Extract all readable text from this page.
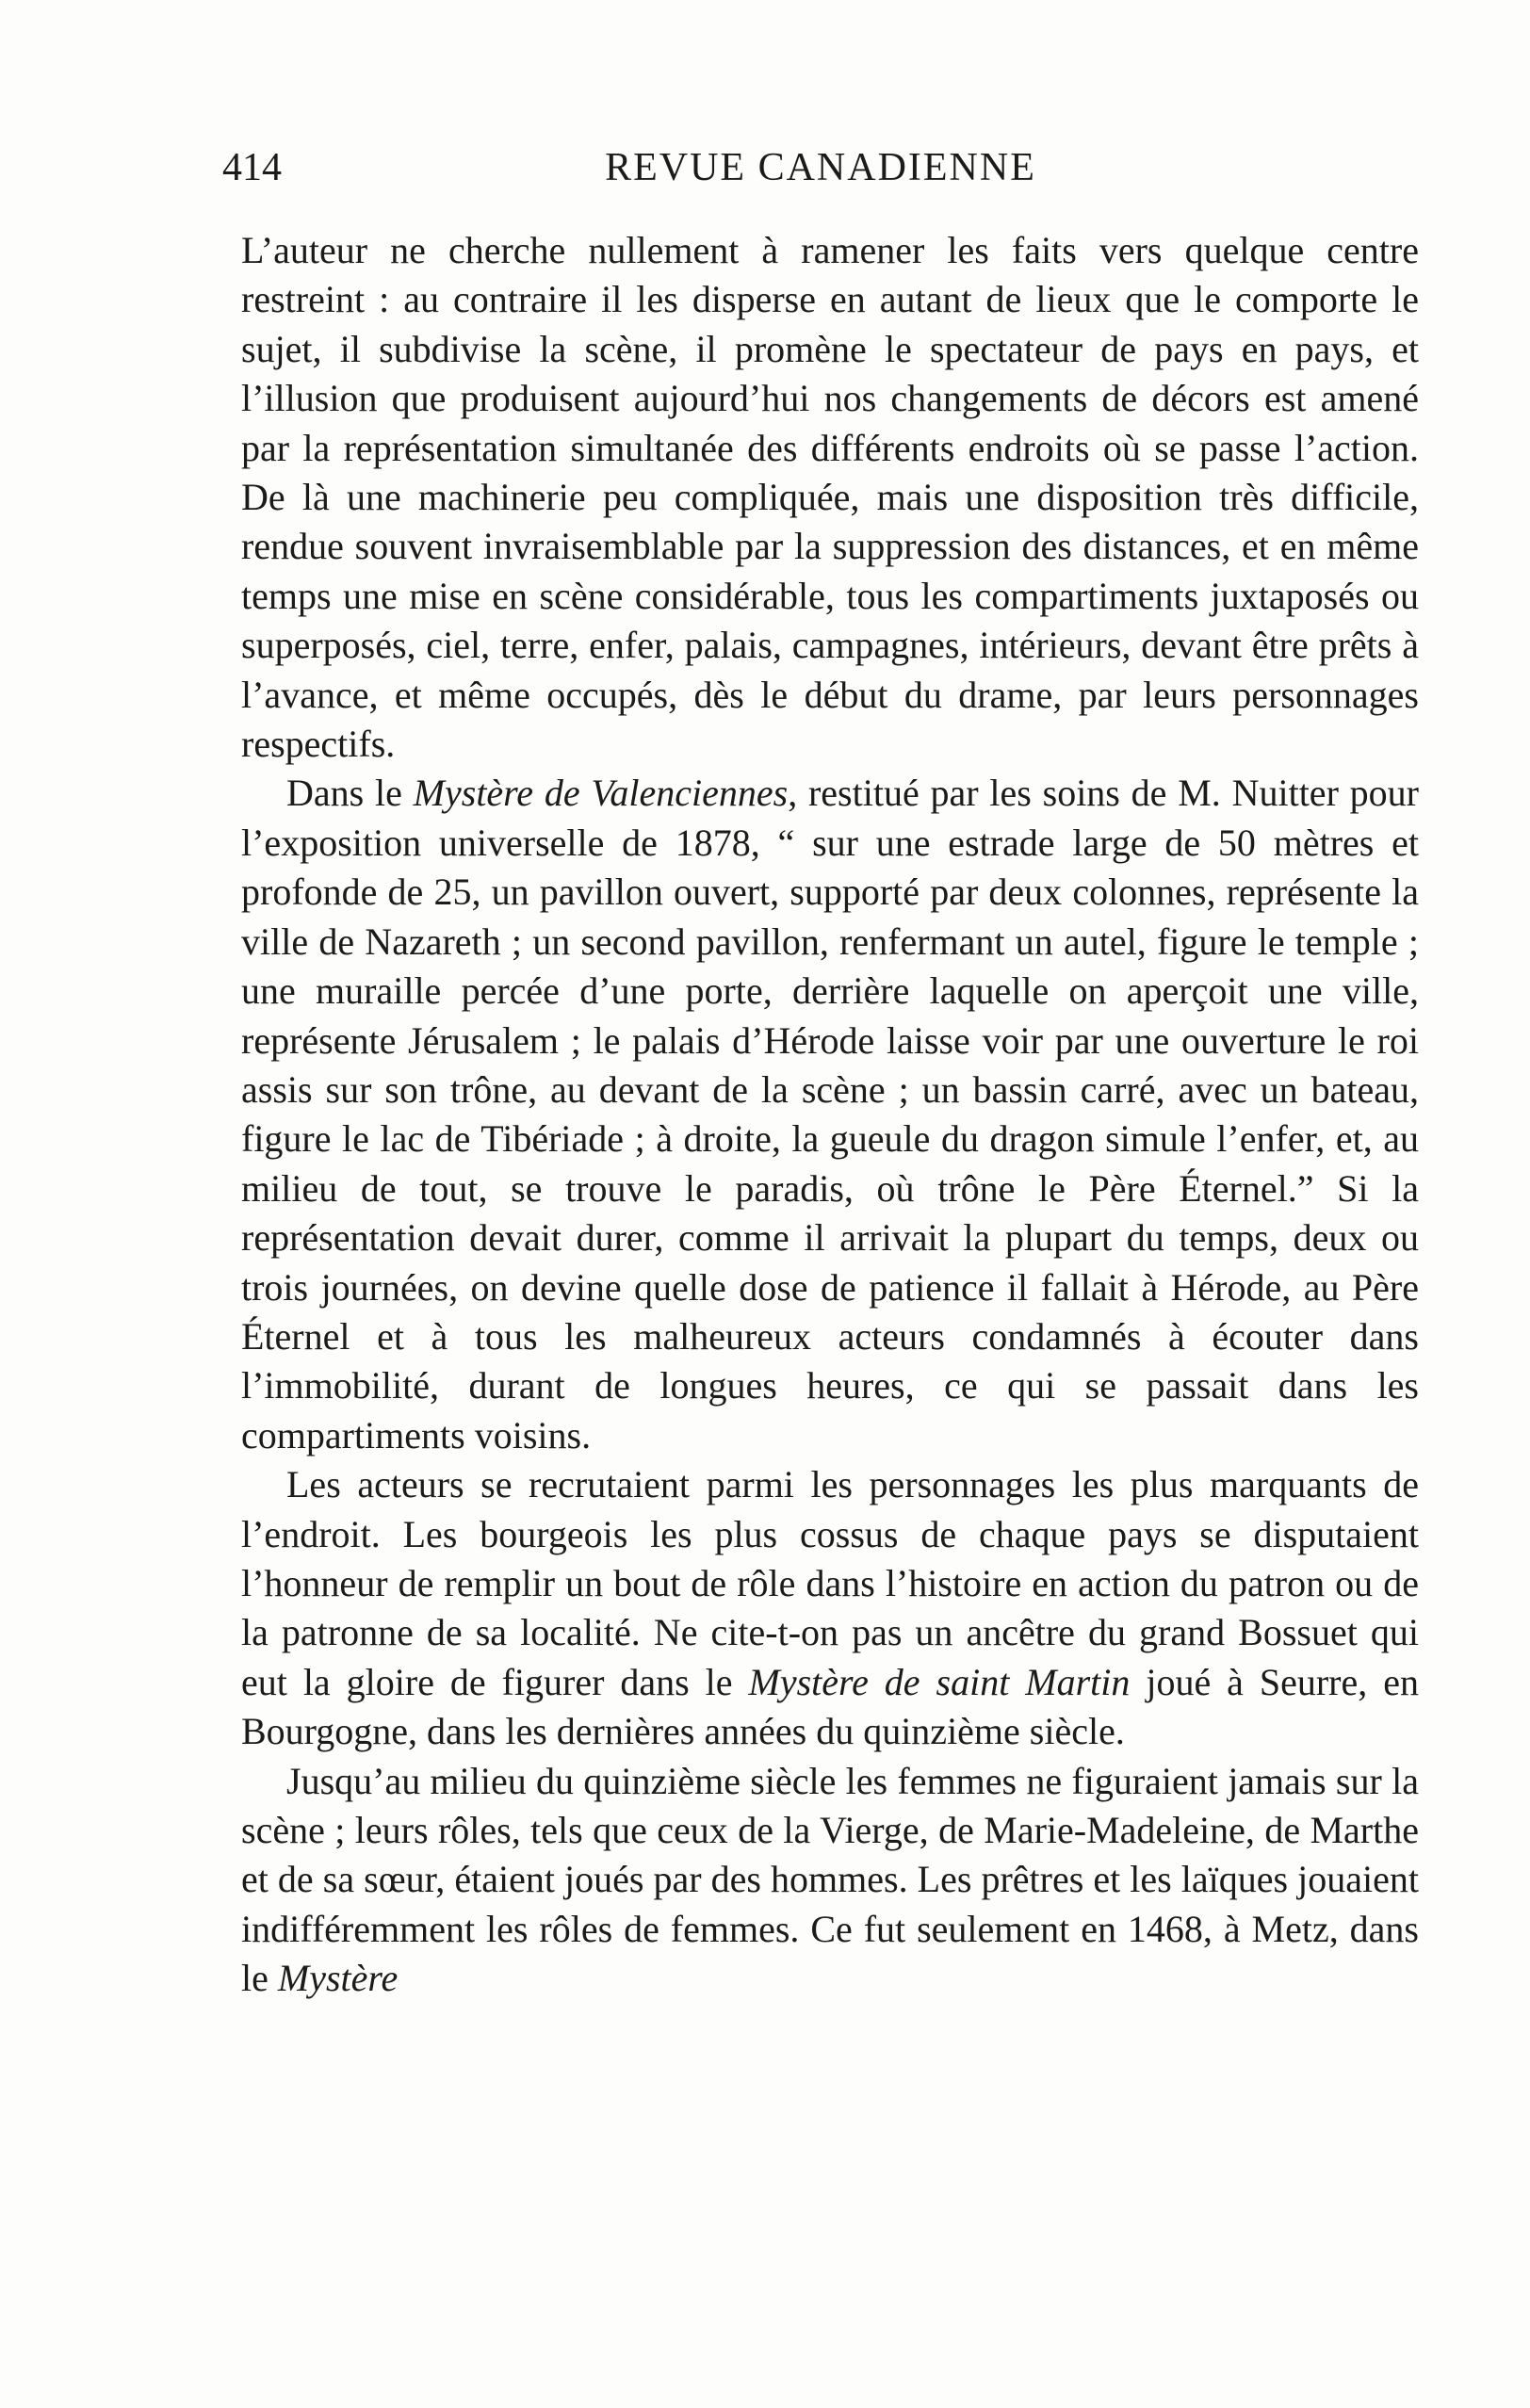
414	REVUE CANADIENNE

L’auteur ne cherche nullement à ramener les faits vers quelque centre restreint : au contraire il les disperse en autant de lieux que le comporte le sujet, il subdivise la scène, il promène le spectateur de pays en pays, et l’illusion que produisent aujourd’hui nos changements de décors est amené par la représentation simultanée des différents endroits où se passe l’action. De là une machinerie peu compliquée, mais une disposition très difficile, rendue souvent invraisemblable par la suppression des distances, et en même temps une mise en scène considérable, tous les compartiments juxtaposés ou superposés, ciel, terre, enfer, palais, campagnes, intérieurs, devant être prêts à l’avance, et même occupés, dès le début du drame, par leurs personnages respectifs.

Dans le Mystère de Valenciennes, restitué par les soins de M. Nuitter pour l’exposition universelle de 1878, “ sur une estrade large de 50 mètres et profonde de 25, un pavillon ouvert, supporté par deux colonnes, représente la ville de Nazareth ; un second pavillon, renfermant un autel, figure le temple ; une muraille percée d’une porte, derrière laquelle on aperçoit une ville, représente Jérusalem ; le palais d’Hérode laisse voir par une ouverture le roi assis sur son trône, au devant de la scène ; un bassin carré, avec un bateau, figure le lac de Tibériade ; à droite, la gueule du dragon simule l’enfer, et, au milieu de tout, se trouve le paradis, où trône le Père Éternel.” Si la représentation devait durer, comme il arrivait la plupart du temps, deux ou trois journées, on devine quelle dose de patience il fallait à Hérode, au Père Éternel et à tous les malheureux acteurs condamnés à écouter dans l’immobilité, durant de longues heures, ce qui se passait dans les compartiments voisins.

Les acteurs se recrutaient parmi les personnages les plus marquants de l’endroit. Les bourgeois les plus cossus de chaque pays se disputaient l’honneur de remplir un bout de rôle dans l’histoire en action du patron ou de la patronne de sa localité. Ne cite-t-on pas un ancêtre du grand Bossuet qui eut la gloire de figurer dans le Mystère de saint Martin joué à Seurre, en Bourgogne, dans les dernières années du quinzième siècle.

Jusqu’au milieu du quinzième siècle les femmes ne figuraient jamais sur la scène ; leurs rôles, tels que ceux de la Vierge, de Marie-Madeleine, de Marthe et de sa sœur, étaient joués par des hommes. Les prêtres et les laïques jouaient indifféremment les rôles de femmes. Ce fut seulement en 1468, à Metz, dans le Mystère
